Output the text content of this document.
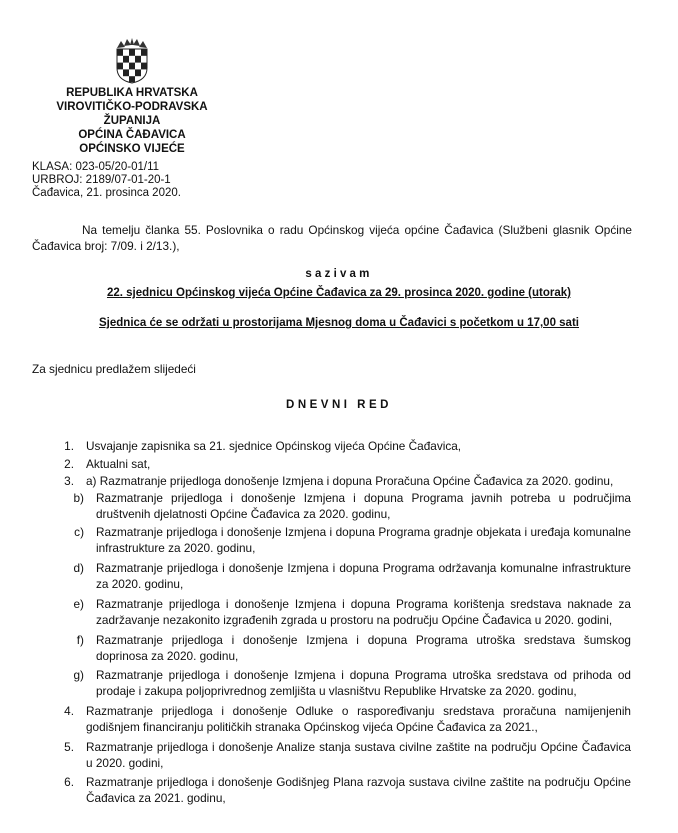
REPUBLIKA HRVATSKA
VIROVITIČKO-PODRAVSKA ŽUPANIJA
OPĆINA ČAĐAVICA
OPĆINSKO VIJEĆE
KLASA: 023-05/20-01/11
URBROJ: 2189/07-01-20-1
Čađavica, 21. prosinca 2020.
Na temelju članka 55. Poslovnika o radu Općinskog vijeća općine Čađavica (Službeni glasnik Općine Čađavica broj: 7/09. i 2/13.),
sazivam
22. sjednicu Općinskog vijeća Općine Čađavica za 29. prosinca 2020. godine (utorak)
Sjednica će se održati u prostorijama Mjesnog doma u Čađavici s početkom u 17,00 sati
Za sjednicu predlažem slijedeći
DNEVNI RED
1. Usvajanje zapisnika sa 21. sjednice Općinskog vijeća Općine Čađavica,
2. Aktualni sat,
3. a) Razmatranje prijedloga donošenje Izmjena i dopuna Proračuna Općine Čađavica za 2020. godinu,
b) Razmatranje prijedloga i donošenje Izmjena i dopuna Programa javnih potreba u područjima društvenih djelatnosti Općine Čađavica za 2020. godinu,
c) Razmatranje prijedloga i donošenje Izmjena i dopuna Programa gradnje objekata i uređaja komunalne infrastrukture za 2020. godinu,
d) Razmatranje prijedloga i donošenje Izmjena i dopuna Programa održavanja komunalne infrastrukture za 2020. godinu,
e) Razmatranje prijedloga i donošenje Izmjena i dopuna Programa korištenja sredstava naknade za zadržavanje nezakonito izgrađenih zgrada u prostoru na području Općine Čađavica u 2020. godini,
f) Razmatranje prijedloga i donošenje Izmjena i dopuna Programa utroška sredstava šumskog doprinosa za 2020. godinu,
g) Razmatranje prijedloga i donošenje Izmjena i dopuna Programa utroška sredstava od prihoda od prodaje i zakupa poljoprivrednog zemljišta u vlasništvu Republike Hrvatske za 2020. godinu,
4. Razmatranje prijedloga i donošenje Odluke o raspoređivanju sredstava proračuna namijenjenih godišnjem financiranju političkih stranaka Općinskog vijeća Općine Čađavica za 2021.,
5. Razmatranje prijedloga i donošenje Analize stanja sustava civilne zaštite na području Općine Čađavica u 2020. godini,
6. Razmatranje prijedloga i donošenje Godišnjeg Plana razvoja sustava civilne zaštite na području Općine Čađavica za 2021. godinu,
